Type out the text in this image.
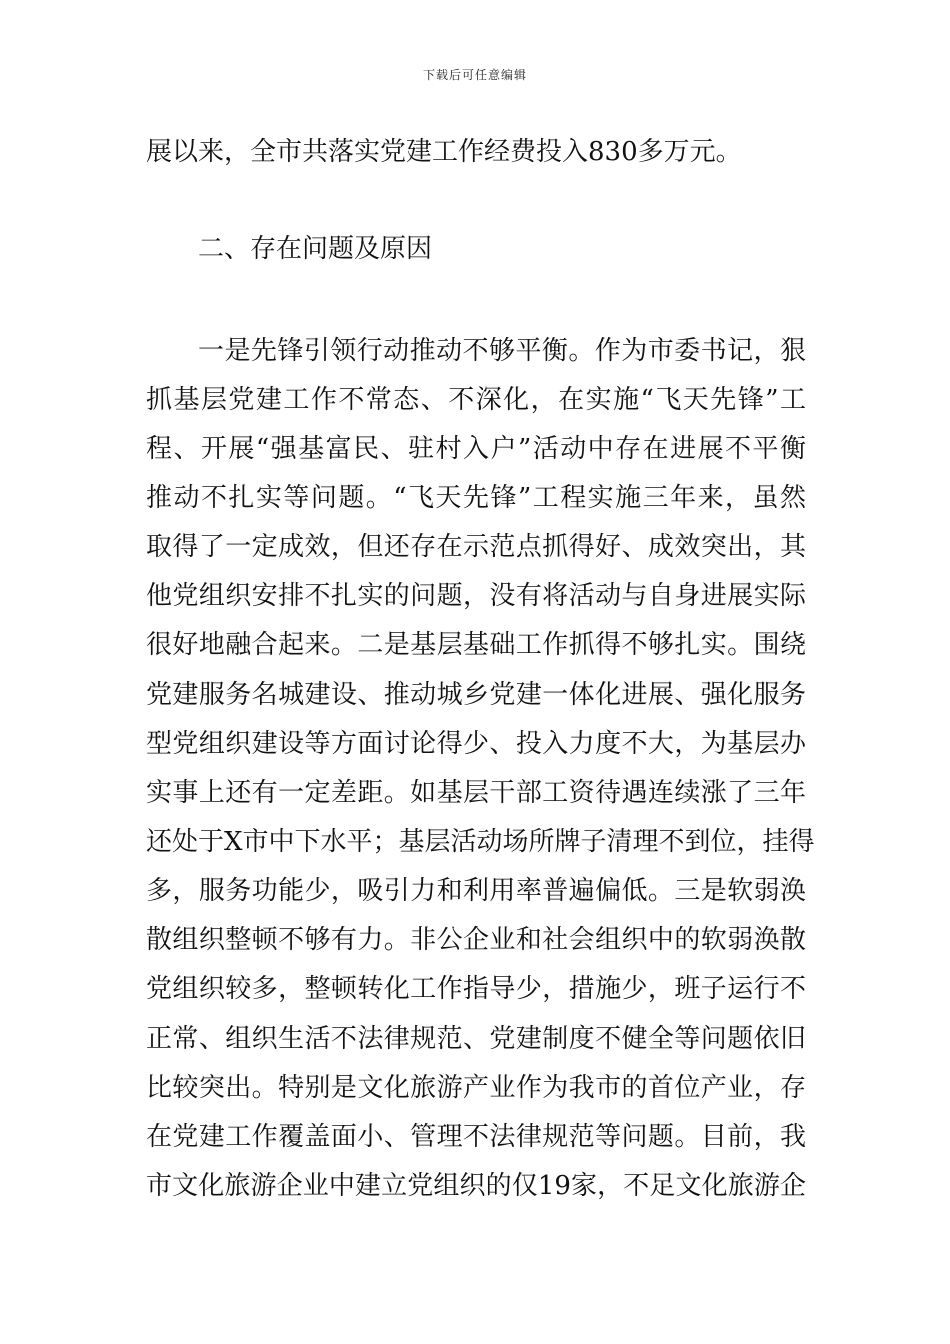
下载后可任意编辑
展以来，全市共落实党建工作经费投入830多万元。
二、存在问题及原因
一是先锋引领行动推动不够平衡。作为市委书记，狠
抓基层党建工作不常态、不深化，在实施“飞天先锋”工
程、开展“强基富民、驻村入户”活动中存在进展不平衡
推动不扎实等问题。“飞天先锋”工程实施三年来，虽然
取得了一定成效，但还存在示范点抓得好、成效突出，其
他党组织安排不扎实的问题，没有将活动与自身进展实际
很好地融合起来。二是基层基础工作抓得不够扎实。围绕
党建服务名城建设、推动城乡党建一体化进展、强化服务
型党组织建设等方面讨论得少、投入力度不大，为基层办
实事上还有一定差距。如基层干部工资待遇连续涨了三年
还处于X市中下水平；基层活动场所牌子清理不到位，挂得
多，服务功能少，吸引力和利用率普遍偏低。三是软弱涣
散组织整顿不够有力。非公企业和社会组织中的软弱涣散
党组织较多，整顿转化工作指导少，措施少，班子运行不
正常、组织生活不法律规范、党建制度不健全等问题依旧
比较突出。特别是文化旅游产业作为我市的首位产业，存
在党建工作覆盖面小、管理不法律规范等问题。目前，我
市文化旅游企业中建立党组织的仅19家，不足文化旅游企
